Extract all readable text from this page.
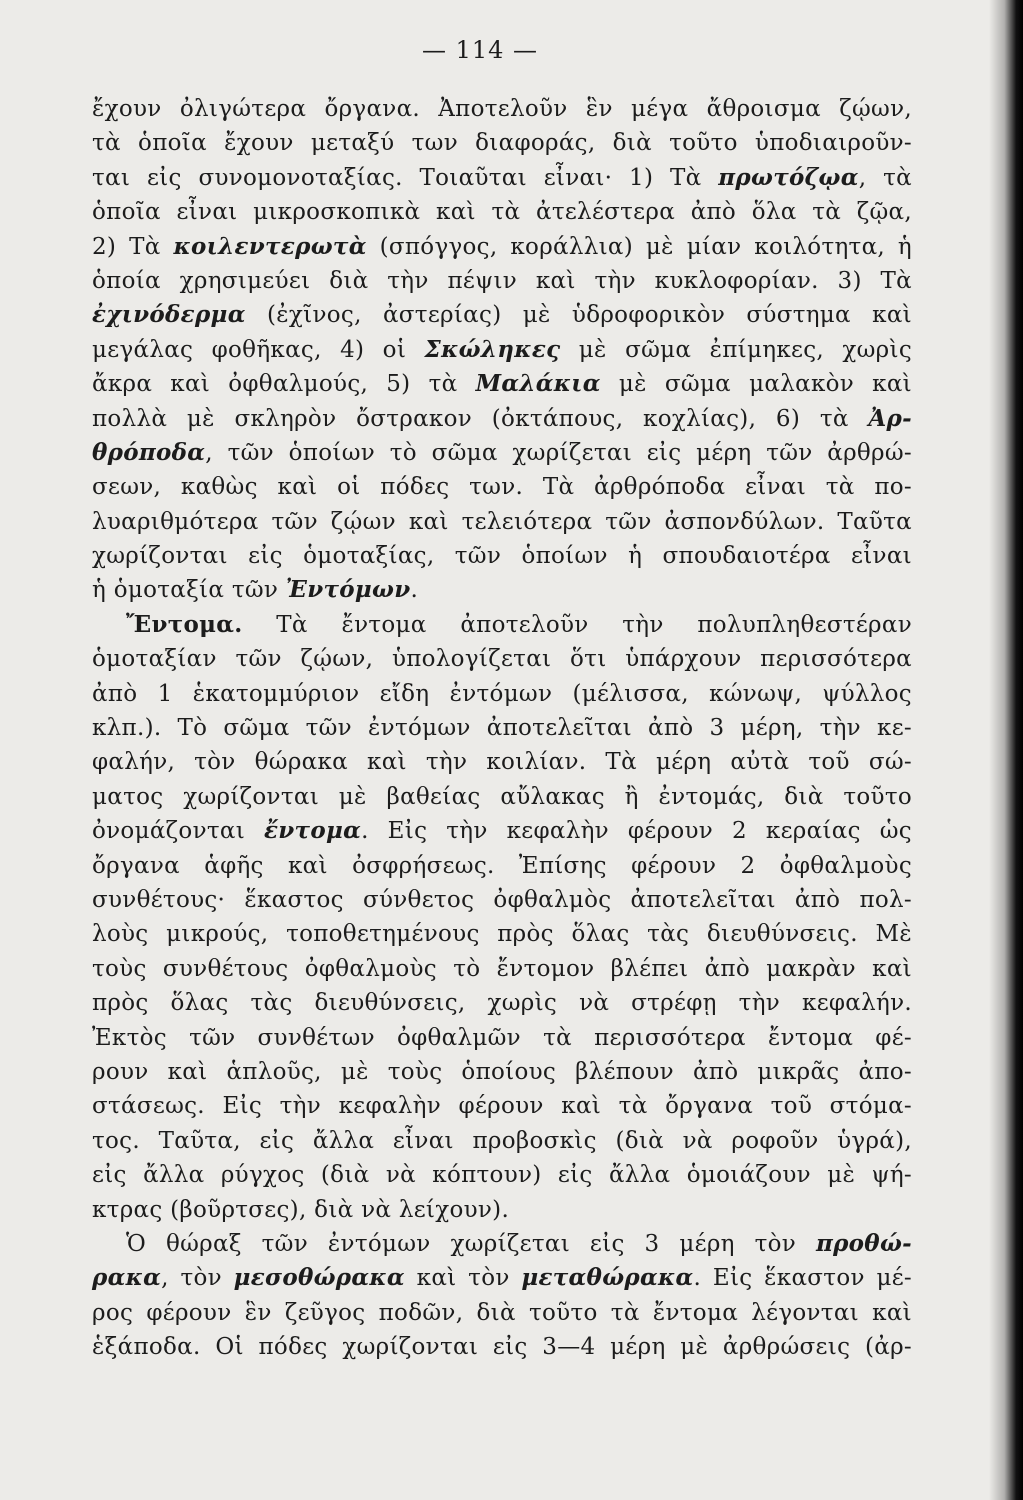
— 114 —
ἔχουν ὀλιγώτερα ὄργανα. Ἀποτελοῦν ἓν μέγα ἄθροισμα ζῴων,
τὰ ὁποῖα ἔχουν μεταξύ των διαφοράς, διὰ τοῦτο ὑποδιαιροῦν-
ται εἰς συνομονοταξίας. Τοιαῦται εἶναι· 1) Τὰ πρωτόζῳα, τὰ
ὁποῖα εἶναι μικροσκοπικὰ καὶ τὰ ἀτελέστερα ἀπὸ ὅλα τὰ ζῷα,
2) Τὰ κοιλεντερωτὰ (σπόγγος, κοράλλια) μὲ μίαν κοιλότητα, ἡ
ὁποία χρησιμεύει διὰ τὴν πέψιν καὶ τὴν κυκλοφορίαν. 3) Τὰ
ἐχινόδερμα (ἐχῖνος, ἀστερίας) μὲ ὑδροφορικὸν σύστημα καὶ
μεγάλας φοθῆκας, 4) οἱ Σκώληκες μὲ σῶμα ἐπίμηκες, χωρὶς
ἄκρα καὶ ὀφθαλμούς, 5) τὰ Μαλάκια μὲ σῶμα μαλακὸν καὶ
πολλὰ μὲ σκληρὸν ὄστρακον (ὀκτάπους, κοχλίας), 6) τὰ Ἀρ-
θρόποδα, τῶν ὁποίων τὸ σῶμα χωρίζεται εἰς μέρη τῶν ἀρθρώ-
σεων, καθὼς καὶ οἱ πόδες των. Τὰ ἀρθρόποδα εἶναι τὰ πο-
λυαριθμότερα τῶν ζῴων καὶ τελειότερα τῶν ἀσπονδύλων. Ταῦτα
χωρίζονται εἰς ὁμοταξίας, τῶν ὁποίων ἡ σπουδαιοτέρα εἶναι
ἡ ὁμοταξία τῶν Ἐντόμων.
Ἔντομα. Τὰ ἔντομα ἀποτελοῦν τὴν πολυπληθεστέραν
ὁμοταξίαν τῶν ζῴων, ὑπολογίζεται ὅτι ὑπάρχουν περισσότερα
ἀπὸ 1 ἑκατομμύριον εἴδη ἐντόμων (μέλισσα, κώνωψ, ψύλλος
κλπ.). Τὸ σῶμα τῶν ἐντόμων ἀποτελεῖται ἀπὸ 3 μέρη, τὴν κε-
φαλήν, τὸν θώρακα καὶ τὴν κοιλίαν. Τὰ μέρη αὐτὰ τοῦ σώ-
ματος χωρίζονται μὲ βαθείας αὔλακας ἢ ἐντομάς, διὰ τοῦτο
ὀνομάζονται ἔντομα. Εἰς τὴν κεφαλὴν φέρουν 2 κεραίας ὡς
ὄργανα ἁφῆς καὶ ὀσφρήσεως. Ἐπίσης φέρουν 2 ὀφθαλμοὺς
συνθέτους· ἕκαστος σύνθετος ὀφθαλμὸς ἀποτελεῖται ἀπὸ πολ-
λοὺς μικρούς, τοποθετημένους πρὸς ὅλας τὰς διευθύνσεις. Μὲ
τοὺς συνθέτους ὀφθαλμοὺς τὸ ἔντομον βλέπει ἀπὸ μακρὰν καὶ
πρὸς ὅλας τὰς διευθύνσεις, χωρὶς νὰ στρέφῃ τὴν κεφαλήν.
Ἐκτὸς τῶν συνθέτων ὀφθαλμῶν τὰ περισσότερα ἔντομα φέ-
ρουν καὶ ἁπλοῦς, μὲ τοὺς ὁποίους βλέπουν ἀπὸ μικρᾶς ἀπο-
στάσεως. Εἰς τὴν κεφαλὴν φέρουν καὶ τὰ ὄργανα τοῦ στόμα-
τος. Ταῦτα, εἰς ἄλλα εἶναι προβοσκὶς (διὰ νὰ ροφοῦν ὑγρά),
εἰς ἄλλα ρύγχος (διὰ νὰ κόπτουν) εἰς ἄλλα ὁμοιάζουν μὲ ψή-
κτρας (βοῦρτσες), διὰ νὰ λείχουν).
Ὁ θώραξ τῶν ἐντόμων χωρίζεται εἰς 3 μέρη τὸν προθώ-
ρακα, τὸν μεσοθώρακα καὶ τὸν μεταθώρακα. Εἰς ἕκαστον μέ-
ρος φέρουν ἓν ζεῦγος ποδῶν, διὰ τοῦτο τὰ ἔντομα λέγονται καὶ
ἑξάποδα. Οἱ πόδες χωρίζονται εἰς 3—4 μέρη μὲ ἀρθρώσεις (ἀρ-
